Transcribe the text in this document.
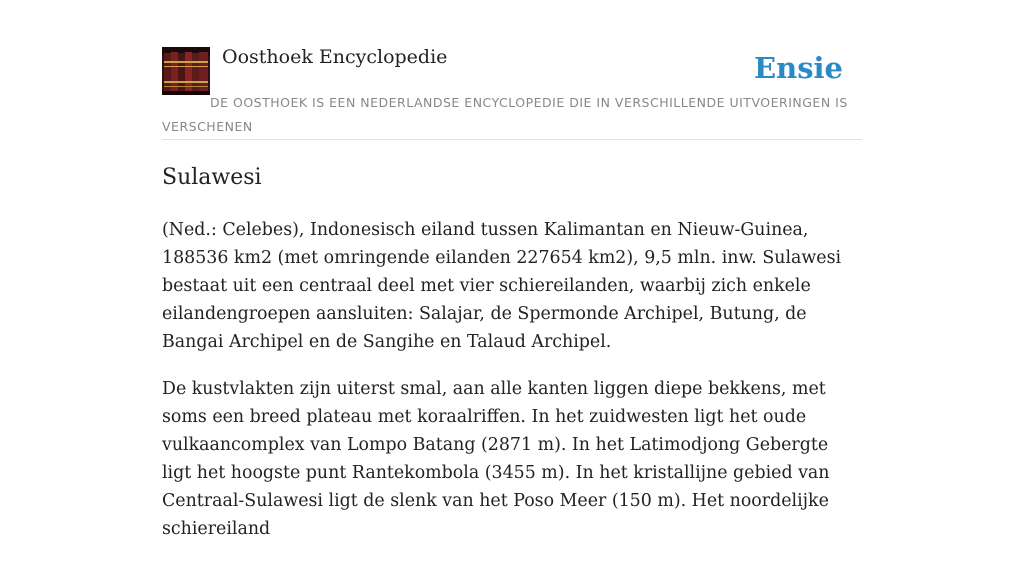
Oosthoek Encyclopedie	Ensie
DE OOSTHOEK IS EEN NEDERLANDSE ENCYCLOPEDIE DIE IN VERSCHILLENDE UITVOERINGEN IS VERSCHENEN
Sulawesi

(Ned.: Celebes), Indonesisch eiland tussen Kalimantan en Nieuw-Guinea, 188536 km2 (met omringende eilanden 227654 km2), 9,5 mln. inw. Sulawesi bestaat uit een centraal deel met vier schiereilanden, waarbij zich enkele eilandengroepen aansluiten: Salajar, de Spermonde Archipel, Butung, de Bangai Archipel en de Sangihe en Talaud Archipel.

De kustvlakten zijn uiterst smal, aan alle kanten liggen diepe bekkens, met soms een breed plateau met koraalriffen. In het zuidwesten ligt het oude vulkaancomplex van Lompo Batang (2871 m). In het Latimodjong Gebergte ligt het hoogste punt Rantekombola (3455 m). In het kristallijne gebied van Centraal-Sulawesi ligt de slenk van het Poso Meer (150 m). Het noordelijke schiereiland
